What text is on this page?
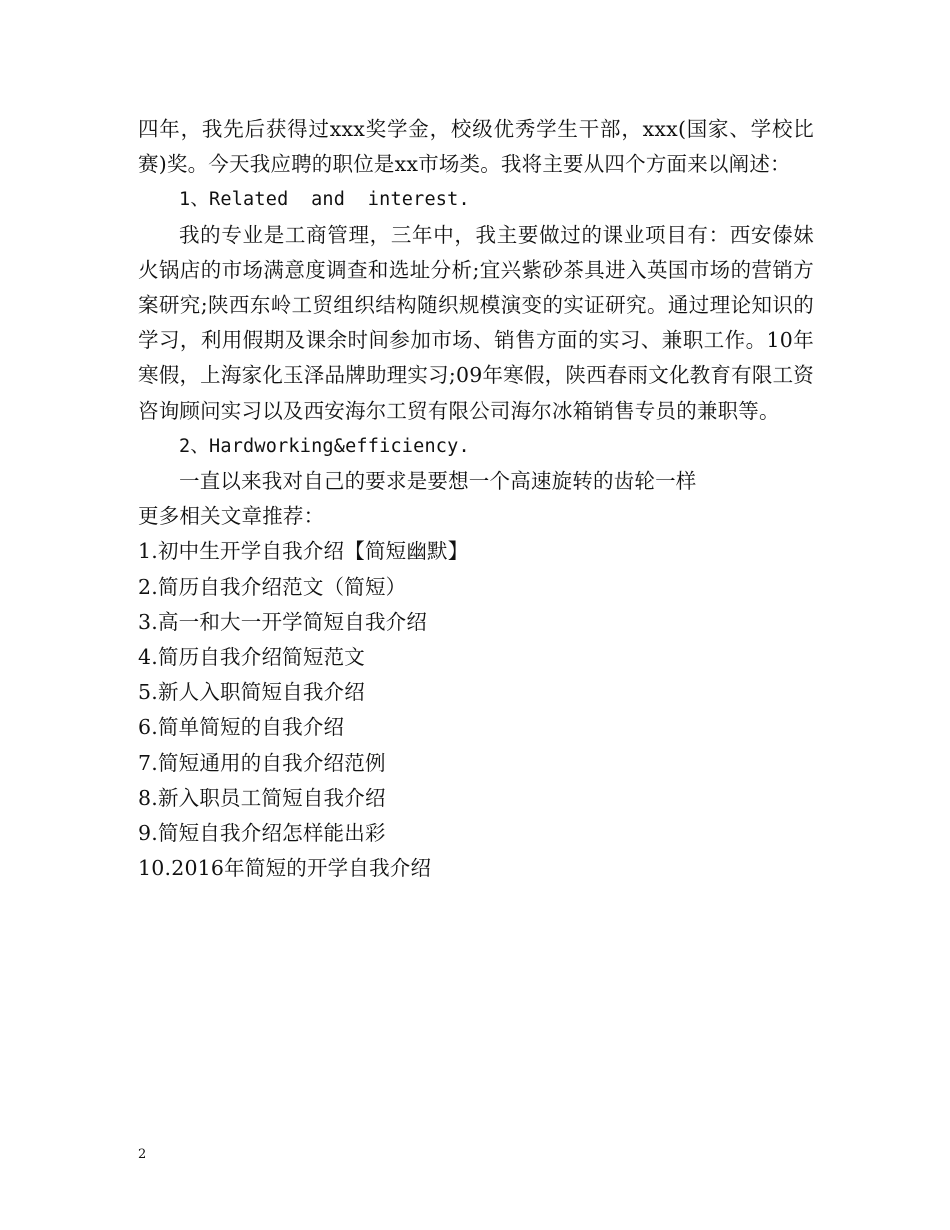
四年，我先后获得过xxx奖学金，校级优秀学生干部，xxx(国家、学校比赛)奖。今天我应聘的职位是xx市场类。我将主要从四个方面来以阐述：

1、Related  and  interest.

我的专业是工商管理，三年中，我主要做过的课业项目有：西安傣妹火锅店的市场满意度调查和选址分析;宜兴紫砂茶具进入英国市场的营销方案研究;陕西东岭工贸组织结构随织规模演变的实证研究。通过理论知识的学习，利用假期及课余时间参加市场、销售方面的实习、兼职工作。10年寒假，上海家化玉泽品牌助理实习;09年寒假，陕西春雨文化教育有限工资咨询顾问实习以及西安海尔工贸有限公司海尔冰箱销售专员的兼职等。

2、Hardworking&efficiency.

一直以来我对自己的要求是要想一个高速旋转的齿轮一样

更多相关文章推荐：

1.初中生开学自我介绍【简短幽默】
2.简历自我介绍范文（简短）
3.高一和大一开学简短自我介绍
4.简历自我介绍简短范文
5.新人入职简短自我介绍
6.简单简短的自我介绍
7.简短通用的自我介绍范例
8.新入职员工简短自我介绍
9.简短自我介绍怎样能出彩
10.2016年简短的开学自我介绍
2
